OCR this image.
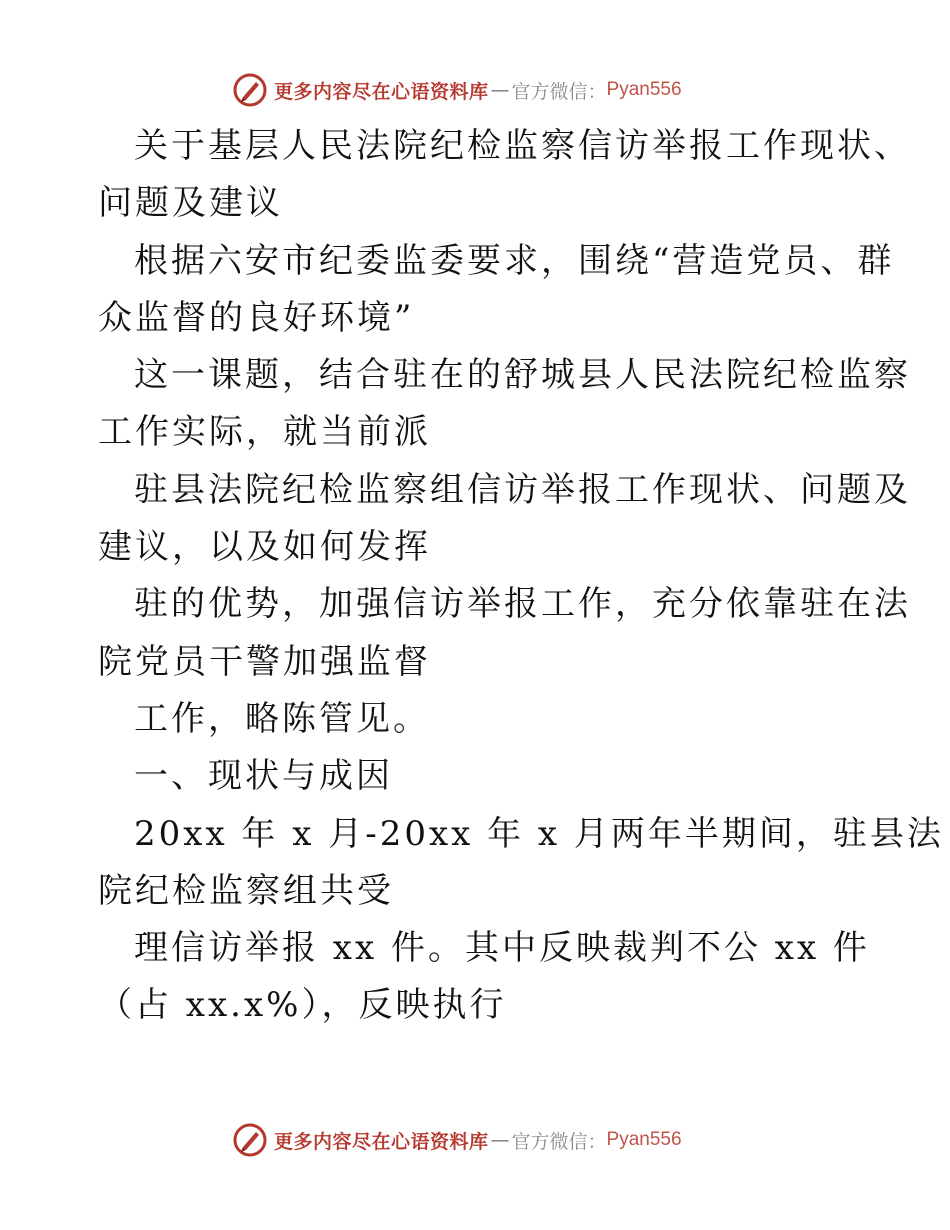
更多内容尽在心语资料库 — 官方微信： Pyan556
关于基层人民法院纪检监察信访举报工作现状、
问题及建议
根据六安市纪委监委要求，围绕“营造党员、群
众监督的良好环境”
这一课题，结合驻在的舒城县人民法院纪检监察
工作实际，就当前派
驻县法院纪检监察组信访举报工作现状、问题及
建议，以及如何发挥
驻的优势，加强信访举报工作，充分依靠驻在法
院党员干警加强监督
工作，略陈管见。
一、现状与成因
20xx 年 x 月-20xx 年 x 月两年半期间，驻县法
院纪检监察组共受
理信访举报 xx 件。其中反映裁判不公 xx 件
（占 xx.x%），反映执行
更多内容尽在心语资料库 — 官方微信： Pyan556
